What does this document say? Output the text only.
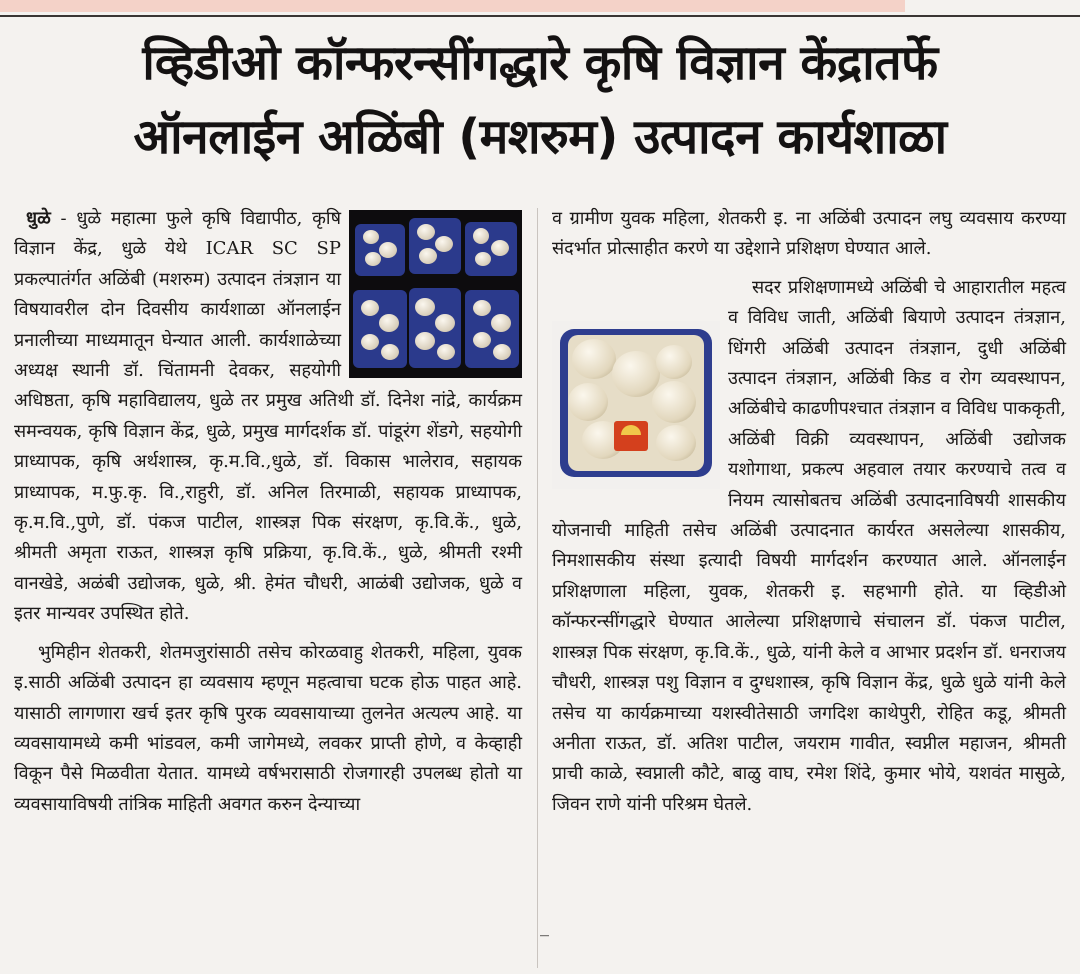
व्हिडीओ कॉन्फरन्सींगद्धारे कृषि विज्ञान केंद्रातर्फे
ऑनलाईन अळिंबी (मशरुम) उत्पादन कार्यशाळा

धुळे -
धुळे महात्मा फुले कृषि विद्यापीठ, कृषि विज्ञान केंद्र, धुळे येथे ICAR SC SP प्रकल्पातंर्गत अळिंबी (मशरुम) उत्पादन तंत्रज्ञान या विषयावरील दोन दिवसीय कार्यशाळा ऑनलाईन प्रनालीच्या माध्यमातून घेन्यात आली. कार्यशाळेच्या अध्यक्ष स्थानी डॉ. चिंतामनी देवकर, सहयोगी अधिष्ठता, कृषि महाविद्यालय, धुळे तर प्रमुख अतिथी डॉ. दिनेश नांद्रे, कार्यक्रम समन्वयक, कृषि विज्ञान केंद्र, धुळे, प्रमुख मार्गदर्शक डॉ. पांडूरंग शेंडगे, सहयोगी प्राध्यापक, कृषि अर्थशास्त्र, कृ.म.वि.,धुळे, डॉ. विकास भालेराव, सहायक प्राध्यापक, म.फु.कृ. वि.,राहुरी, डॉ. अनिल तिरमाळी, सहायक प्राध्यापक, कृ.म.वि.,पुणे, डॉ. पंकज पाटील, शास्त्रज्ञ पिक संरक्षण, कृ.वि.कें., धुळे, श्रीमती अमृता राऊत, शास्त्रज्ञ कृषि प्रक्रिया, कृ.वि.कें., धुळे, श्रीमती रश्मी वानखेडे, अळंबी उद्योजक, धुळे, श्री. हेमंत चौधरी, आळंबी उद्योजक, धुळे व इतर मान्यवर उपस्थित होते.

भुमिहीन शेतकरी, शेतमजुरांसाठी तसेच कोरळवाहु शेतकरी, महिला, युवक इ.साठी अळिंबी उत्पादन हा व्यवसाय म्हणून महत्वाचा घटक होऊ पाहत आहे. यासाठी लागणारा खर्च इतर कृषि पुरक व्यवसायाच्या तुलनेत अत्यल्प आहे. या व्यवसायामध्ये कमी भांडवल, कमी जागेमध्ये, लवकर प्राप्ती होणे, व केव्हाही विकून पैसे मिळवीता येतात. यामध्ये वर्षभरासाठी रोजगारही उपलब्ध होतो या व्यवसायाविषयी तांत्रिक माहिती अवगत करुन देन्याच्या

व ग्रामीण युवक महिला, शेतकरी इ. ना अळिंबी उत्पादन लघु व्यवसाय करण्या संदर्भात प्रोत्साहीत करणे या उद्देशाने प्रशिक्षण घेण्यात आले.

सदर प्रशिक्षणामध्ये अळिंबी चे आहारातील महत्व व विविध जाती, अळिंबी बियाणे उत्पादन तंत्रज्ञान, धिंगरी अळिंबी उत्पादन तंत्रज्ञान, दुधी अळिंबी उत्पादन तंत्रज्ञान, अळिंबी किड व रोग व्यवस्थापन, अळिंबीचे काढणीपश्चात तंत्रज्ञान व विविध पाककृती, अळिंबी विक्री व्यवस्थापन, अळिंबी उद्योजक यशोगाथा, प्रकल्प अहवाल तयार करण्याचे तत्व व नियम त्यासोबतच अळिंबी उत्पादनाविषयी शासकीय योजनाची माहिती तसेच अळिंबी उत्पादनात कार्यरत असलेल्या शासकीय, निमशासकीय संस्था इत्यादी विषयी मार्गदर्शन करण्यात आले. ऑनलाईन प्रशिक्षणाला महिला, युवक, शेतकरी इ. सहभागी होते. या व्हिडीओ कॉन्फरन्सींगद्धारे घेण्यात आलेल्या प्रशिक्षणाचे संचालन डॉ. पंकज पाटील, शास्त्रज्ञ पिक संरक्षण, कृ.वि.कें., धुळे, यांनी केले व आभार प्रदर्शन डॉ. धनराजय चौधरी, शास्त्रज्ञ पशु विज्ञान व दुग्धशास्त्र, कृषि विज्ञान केंद्र, धुळे धुळे यांनी केले तसेच या कार्यक्रमाच्या यशस्वीतेसाठी जगदिश काथेपुरी, रोहित कडू, श्रीमती अनीता राऊत, डॉ. अतिश पाटील, जयराम गावीत, स्वप्नील महाजन, श्रीमती प्राची काळे, स्वप्नाली कौटे, बाळु वाघ, रमेश शिंदे, कुमार भोये, यशवंत मासुळे, जिवन राणे यांनी परिश्रम घेतले.

_
